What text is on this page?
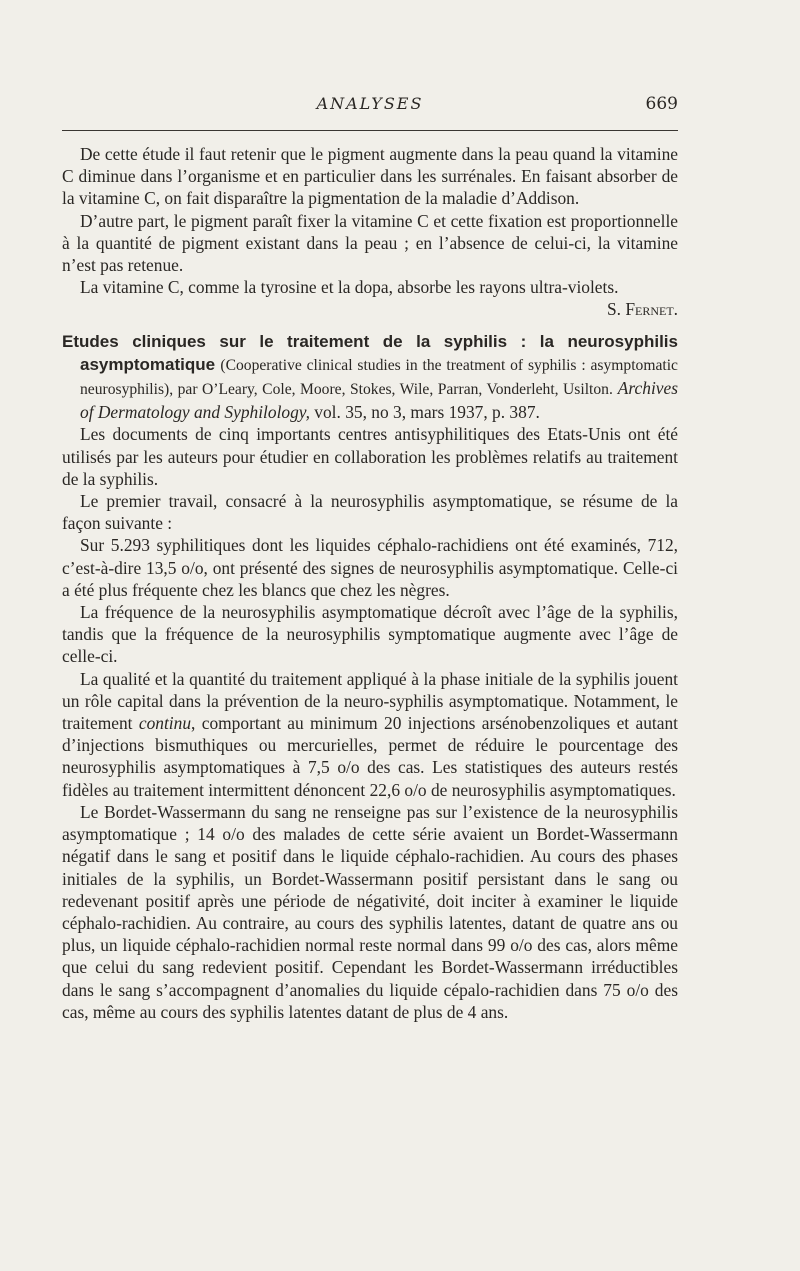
ANALYSES	669

De cette étude il faut retenir que le pigment augmente dans la peau quand la vitamine C diminue dans l’organisme et en particulier dans les surrénales. En faisant absorber de la vitamine C, on fait disparaître la pigmentation de la maladie d’Addison.

D’autre part, le pigment paraît fixer la vitamine C et cette fixation est proportionnelle à la quantité de pigment existant dans la peau ; en l’absence de celui-ci, la vitamine n’est pas retenue.

La vitamine C, comme la tyrosine et la dopa, absorbe les rayons ultra-violets.
S. Fernet.

Etudes cliniques sur le traitement de la syphilis : la neurosyphilis asymptomatique (Cooperative clinical studies in the treatment of syphilis : asymptomatic neurosyphilis), par O’Leary, Cole, Moore, Stokes, Wile, Parran, Vonderleht, Usilton. Archives of Dermatology and Syphilology, vol. 35, no 3, mars 1937, p. 387.

Les documents de cinq importants centres antisyphilitiques des Etats-Unis ont été utilisés par les auteurs pour étudier en collaboration les problèmes relatifs au traitement de la syphilis.

Le premier travail, consacré à la neurosyphilis asymptomatique, se résume de la façon suivante :

Sur 5.293 syphilitiques dont les liquides céphalo-rachidiens ont été examinés, 712, c’est-à-dire 13,5 o/o, ont présenté des signes de neurosyphilis asymptomatique. Celle-ci a été plus fréquente chez les blancs que chez les nègres.

La fréquence de la neurosyphilis asymptomatique décroît avec l’âge de la syphilis, tandis que la fréquence de la neurosyphilis symptomatique augmente avec l’âge de celle-ci.

La qualité et la quantité du traitement appliqué à la phase initiale de la syphilis jouent un rôle capital dans la prévention de la neuro-syphilis asymptomatique. Notamment, le traitement continu, comportant au minimum 20 injections arsénobenzoliques et autant d’injections bismuthiques ou mercurielles, permet de réduire le pourcentage des neurosyphilis asymptomatiques à 7,5 o/o des cas. Les statistiques des auteurs restés fidèles au traitement intermittent dénoncent 22,6 o/o de neurosyphilis asymptomatiques.

Le Bordet-Wassermann du sang ne renseigne pas sur l’existence de la neurosyphilis asymptomatique ; 14 o/o des malades de cette série avaient un Bordet-Wassermann négatif dans le sang et positif dans le liquide céphalo-rachidien. Au cours des phases initiales de la syphilis, un Bordet-Wassermann positif persistant dans le sang ou redevenant positif après une période de négativité, doit inciter à examiner le liquide céphalo-rachidien. Au contraire, au cours des syphilis latentes, datant de quatre ans ou plus, un liquide céphalo-rachidien normal reste normal dans 99 o/o des cas, alors même que celui du sang redevient positif. Cependant les Bordet-Wassermann irréductibles dans le sang s’accompagnent d’anomalies du liquide cépalo-rachidien dans 75 o/o des cas, même au cours des syphilis latentes datant de plus de 4 ans.
